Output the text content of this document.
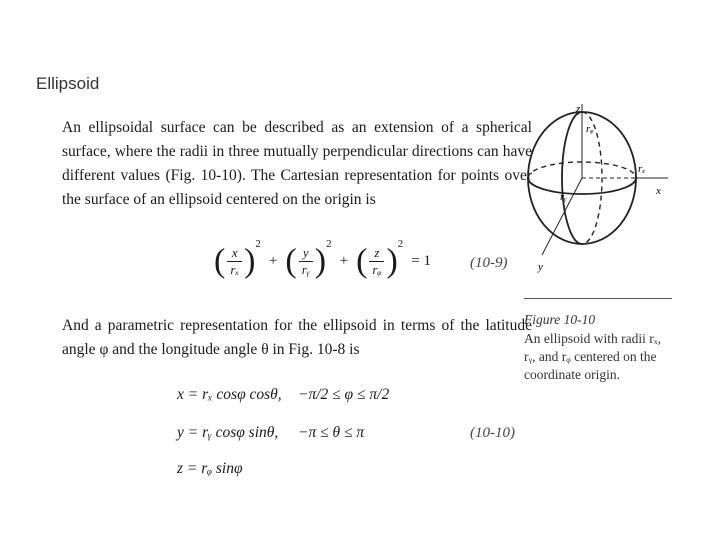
Ellipsoid
An ellipsoidal surface can be described as an extension of a spherical surface, where the radii in three mutually perpendicular directions can have different values (Fig. 10-10). The Cartesian representation for points over the surface of an ellipsoid centered on the origin is
( $\frac{x}{\text{rₓ}} )^2$ + ( $\frac{y}{\text{rᵧ}} )^2$ + ( $\frac{z}{\text{rᵩ}} )^2 = 1$	(10-9)
And a parametric representation for the ellipsoid in terms of the latitude angle φ and the longitude angle θ in Fig. 10-8 is
x = rₓ cosφ cosθ, −π/2 ≤ φ ≤ π/2
y = rᵧ cosφ sinθ, −π ≤ θ ≤ π	(10-10)
z = rᵩ sinφ
z
rᵩ
rₓ
x
rᵧ
y
Figure 10-10
An ellipsoid with radii rₓ, rᵧ, and rᵩ centered on the coordinate origin.
